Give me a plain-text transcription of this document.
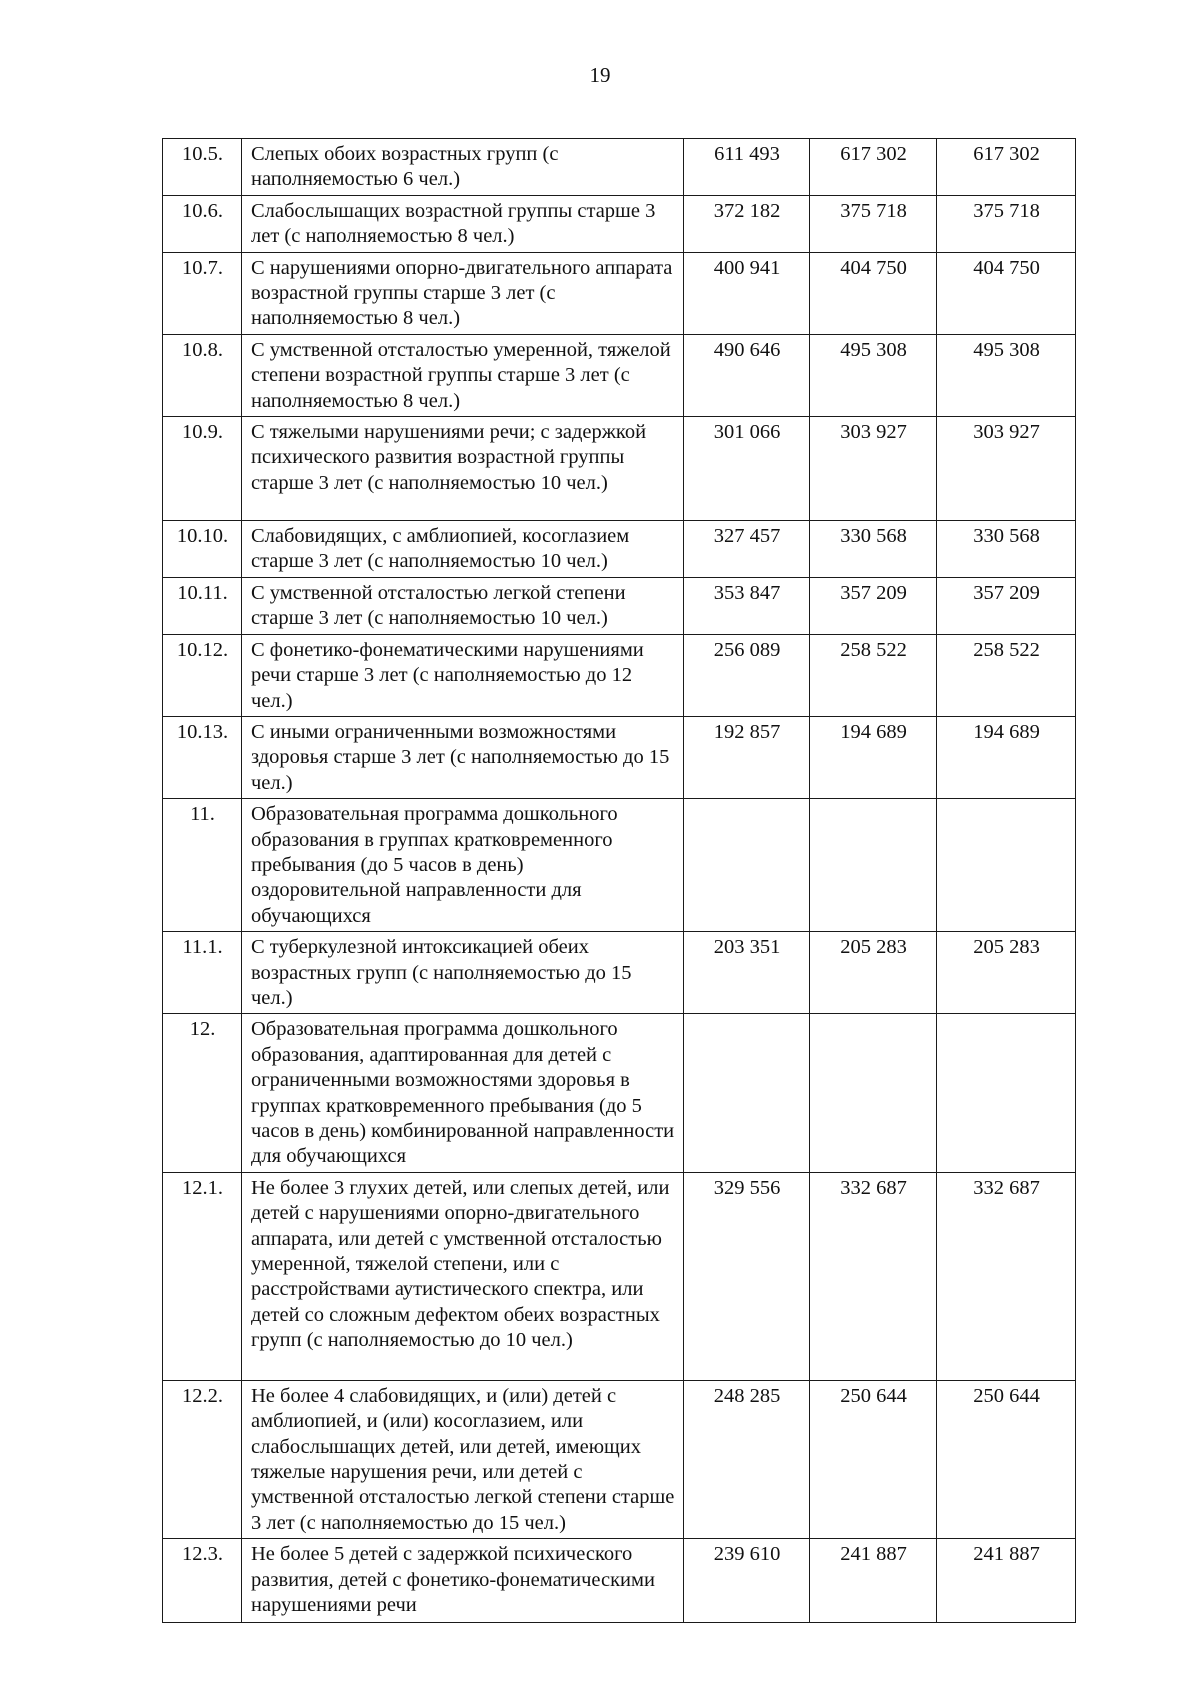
19
10.5.	Слепых обоих возрастных групп (с наполняемостью 6 чел.)	611 493	617 302	617 302
10.6.	Слабослышащих возрастной группы старше 3 лет (с наполняемостью 8 чел.)	372 182	375 718	375 718
10.7.	С нарушениями опорно-двигательного аппарата возрастной группы старше 3 лет (с наполняемостью 8 чел.)	400 941	404 750	404 750
10.8.	С умственной отсталостью умеренной, тяжелой степени возрастной группы старше 3 лет (с наполняемостью 8 чел.)	490 646	495 308	495 308
10.9.	С тяжелыми нарушениями речи; с задержкой психического развития возрастной группы старше 3 лет (с наполняемостью 10 чел.)	301 066	303 927	303 927
10.10.	Слабовидящих, с амблиопией, косоглазием старше 3 лет (с наполняемостью 10 чел.)	327 457	330 568	330 568
10.11.	С умственной отсталостью легкой степени старше 3 лет (с наполняемостью 10 чел.)	353 847	357 209	357 209
10.12.	С фонетико-фонематическими нарушениями речи старше 3 лет (с наполняемостью до 12 чел.)	256 089	258 522	258 522
10.13.	С иными ограниченными возможностями здоровья старше 3 лет (с наполняемостью до 15 чел.)	192 857	194 689	194 689
11.	Образовательная программа дошкольного образования в группах кратковременного пребывания (до 5 часов в день) оздоровительной направленности для обучающихся			
11.1.	С туберкулезной интоксикацией обеих возрастных групп (с наполняемостью до 15 чел.)	203 351	205 283	205 283
12.	Образовательная программа дошкольного образования, адаптированная для детей с ограниченными возможностями здоровья в группах кратковременного пребывания (до 5 часов в день) комбинированной направленности для обучающихся			
12.1.	Не более 3 глухих детей, или слепых детей, или детей с нарушениями опорно-двигательного аппарата, или детей с умственной отсталостью умеренной, тяжелой степени, или с расстройствами аутистического спектра, или детей со сложным дефектом обеих возрастных групп (с наполняемостью до 10 чел.)	329 556	332 687	332 687
12.2.	Не более 4 слабовидящих, и (или) детей с амблиопией, и (или) косоглазием, или слабослышащих детей, или детей, имеющих тяжелые нарушения речи, или детей с умственной отсталостью легкой степени старше 3 лет (с наполняемостью до 15 чел.)	248 285	250 644	250 644
12.3.	Не более 5 детей с задержкой психического развития, детей с фонетико-фонематическими нарушениями речи	239 610	241 887	241 887
